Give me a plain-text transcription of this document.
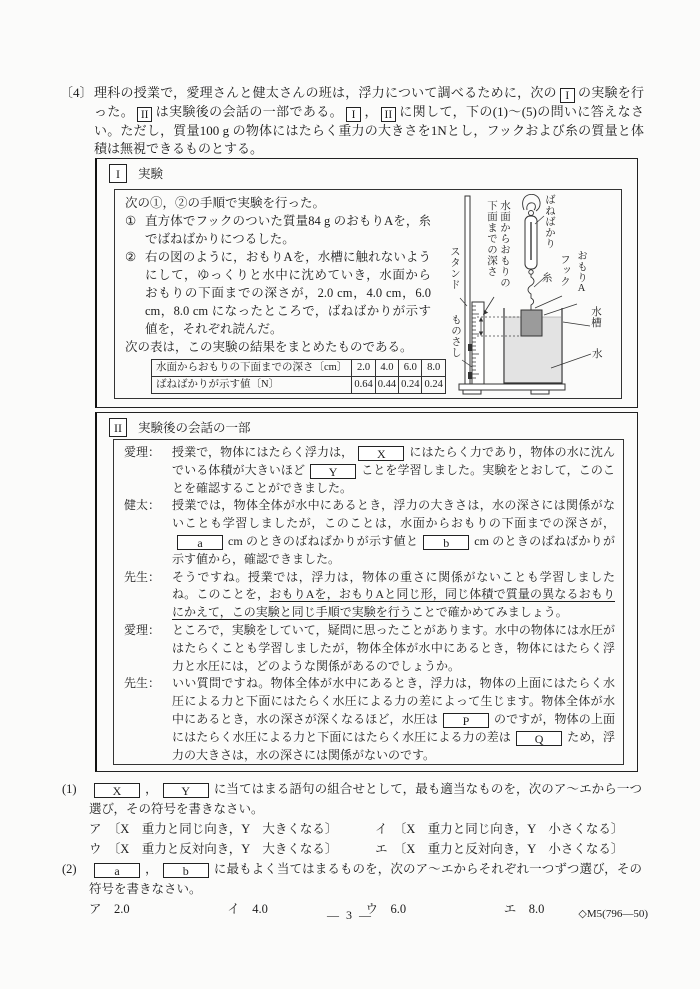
〔4〕 理科の授業で，愛理さんと健太さんの班は，浮力について調べるために，次の I の実験を行った。 II は実験後の会話の一部である。 I ， II に関して，下の(1)～(5)の問いに答えなさい。ただし，質量100 g の物体にはたらく重力の大きさを1Nとし，フックおよび糸の質量と体積は無視できるものとする。
I 実験
次の①，②の手順で実験を行った。
① 直方体でフックのついた質量84 g のおもりAを，糸でばねばかりにつるした。
② 右の図のように，おもりAを，水槽に触れないようにして，ゆっくりと水中に沈めていき，水面からおもりの下面までの深さが，2.0 cm，4.0 cm，6.0 cm，8.0 cm になったところで，ばねばかりが示す値を，それぞれ読んだ。
次の表は，この実験の結果をまとめたものである。
水面からおもりの下面までの深さ〔cm〕	2.0	4.0	6.0	8.0
ばねばかりが示す値〔N〕	0.64	0.44	0.24	0.24
ばねばかり
水面からおもりの下面までの深さ
スタンド
ものさし
糸 フック おもりA
水槽
水
II 実験後の会話の一部
愛理： 授業で，物体にはたらく浮力は， X にはたらく力であり，物体の水に沈んでいる体積が大きいほど Y ことを学習しました。実験をとおして，このことを確認することができました。
健太： 授業では，物体全体が水中にあるとき，浮力の大きさは，水の深さには関係がないことも学習しましたが，このことは，水面からおもりの下面までの深さが，a cm のときのばねばかりが示す値と b cm のときのばねばかりが示す値から，確認できました。
先生： そうですね。授業では，浮力は，物体の重さに関係がないことも学習しましたね。このことを，おもりAを，おもりAと同じ形，同じ体積で質量の異なるおもりにかえて，この実験と同じ手順で実験を行うことで確かめてみましょう。
愛理： ところで，実験をしていて，疑問に思ったことがあります。水中の物体には水圧がはたらくことも学習しましたが，物体全体が水中にあるとき，物体にはたらく浮力と水圧には，どのような関係があるのでしょうか。
先生： いい質問ですね。物体全体が水中にあるとき，浮力は，物体の上面にはたらく水圧による力と下面にはたらく水圧による力の差によって生じます。物体全体が水中にあるとき，水の深さが深くなるほど，水圧は P のですが，物体の上面にはたらく水圧による力と下面にはたらく水圧による力の差は Q ため，浮力の大きさは，水の深さには関係がないのです。
(1)	X ， Y に当てはまる語句の組合せとして，最も適当なものを，次のア～エから一つ選び，その符号を書きなさい。
ア　〔X　重力と同じ向き，Y　大きくなる〕	イ　〔X　重力と同じ向き，Y　小さくなる〕
ウ　〔X　重力と反対向き，Y　大きくなる〕	エ　〔X　重力と反対向き，Y　小さくなる〕
(2)	a ， b に最もよく当てはまるものを，次のア～エからそれぞれ一つずつ選び，その符号を書きなさい。
ア　2.0	イ　4.0	ウ　6.0	エ　8.0
— 3 —	◇M5(796—50)
